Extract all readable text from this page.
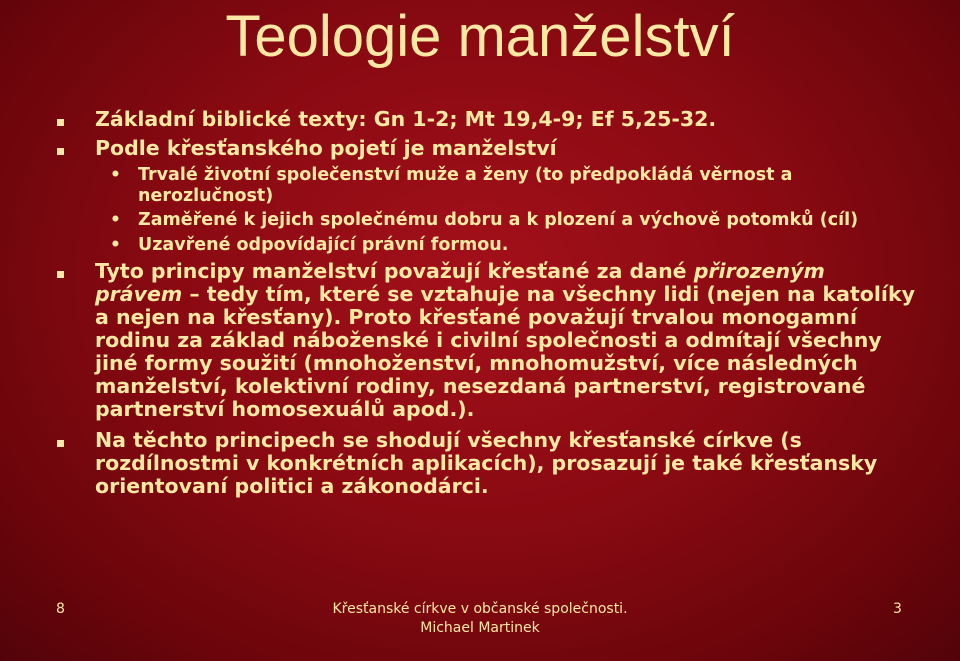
Teologie manželství
Základní biblické texty: Gn 1-2; Mt 19,4-9; Ef 5,25-32.
Podle křesťanského pojetí je manželství
• Trvalé životní společenství muže a ženy (to předpokládá věrnost a nerozlučnost)
• Zaměřené k jejich společnému dobru a k plození a výchově potomků (cíl)
• Uzavřené odpovídající právní formou.
Tyto principy manželství považují křesťané za dané přirozeným právem – tedy tím, které se vztahuje na všechny lidi (nejen na katolíky a nejen na křesťany). Proto křesťané považují trvalou monogamní rodinu za základ náboženské i civilní společnosti a odmítají všechny jiné formy soužití (mnohoženství, mnohomužství, více následných manželství, kolektivní rodiny, nesezdaná partnerství, registrované partnerství homosexuálů apod.).
Na těchto principech se shodují všechny křesťanské církve (s rozdílnostmi v konkrétních aplikacích), prosazují je také křesťansky orientovaní politici a zákonodárci.
8	Křesťanské církve v občanské společnosti.
Michael Martinek
3
